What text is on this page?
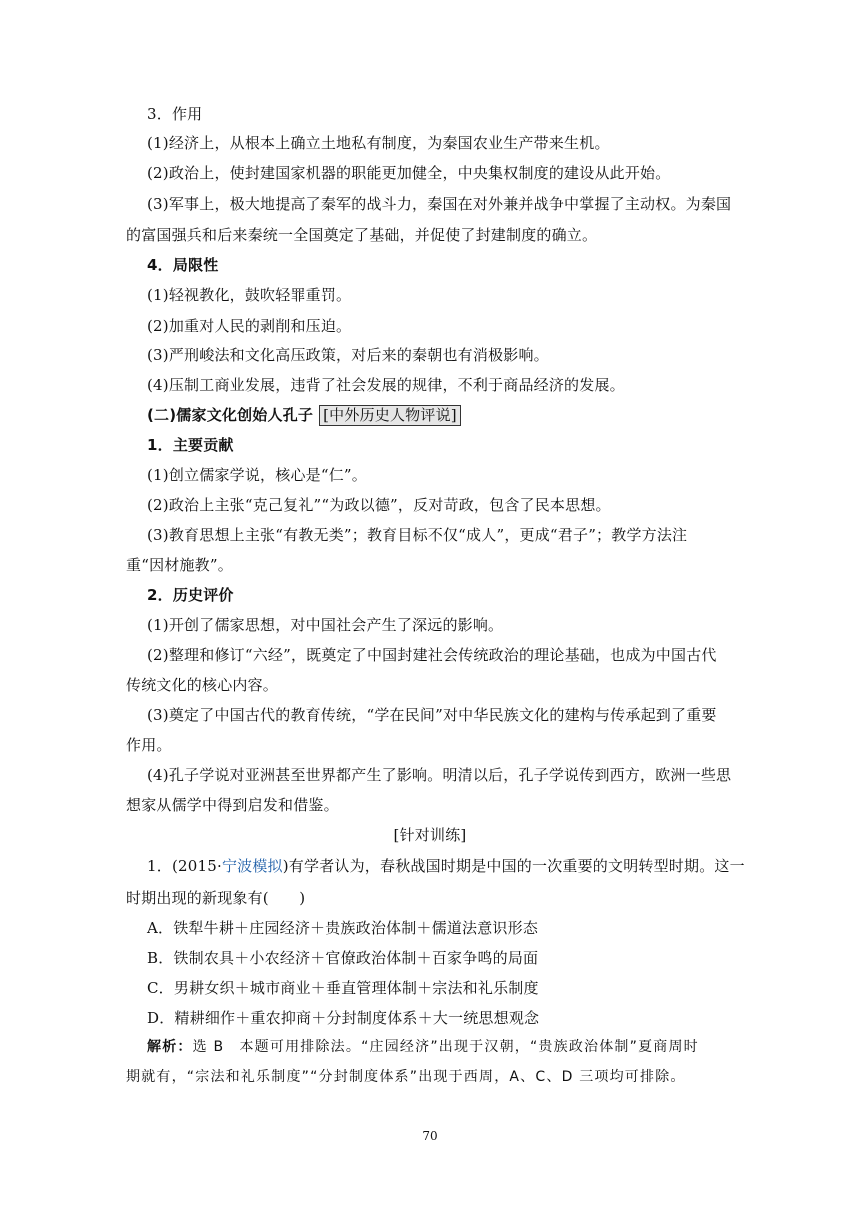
3．作用
(1)经济上，从根本上确立土地私有制度，为秦国农业生产带来生机。
(2)政治上，使封建国家机器的职能更加健全，中央集权制度的建设从此开始。
(3)军事上，极大地提高了秦军的战斗力，秦国在对外兼并战争中掌握了主动权。为秦国
的富国强兵和后来秦统一全国奠定了基础，并促使了封建制度的确立。
4．局限性
(1)轻视教化，鼓吹轻罪重罚。
(2)加重对人民的剥削和压迫。
(3)严刑峻法和文化高压政策，对后来的秦朝也有消极影响。
(4)压制工商业发展，违背了社会发展的规律，不利于商品经济的发展。
(二)儒家文化创始人孔子 [中外历史人物评说]
1．主要贡献
(1)创立儒家学说，核心是“仁”。
(2)政治上主张“克己复礼”“为政以德”，反对苛政，包含了民本思想。
(3)教育思想上主张“有教无类”；教育目标不仅“成人”，更成“君子”；教学方法注
重“因材施教”。
2．历史评价
(1)开创了儒家思想，对中国社会产生了深远的影响。
(2)整理和修订“六经”，既奠定了中国封建社会传统政治的理论基础，也成为中国古代
传统文化的核心内容。
(3)奠定了中国古代的教育传统，“学在民间”对中华民族文化的建构与传承起到了重要
作用。
(4)孔子学说对亚洲甚至世界都产生了影响。明清以后，孔子学说传到西方，欧洲一些思
想家从儒学中得到启发和借鉴。
[针对训练]
1．(2015·宁波模拟)有学者认为，春秋战国时期是中国的一次重要的文明转型时期。这一
时期出现的新现象有(　　)
A．铁犁牛耕＋庄园经济＋贵族政治体制＋儒道法意识形态
B．铁制农具＋小农经济＋官僚政治体制＋百家争鸣的局面
C．男耕女织＋城市商业＋垂直管理体制＋宗法和礼乐制度
D．精耕细作＋重农抑商＋分封制度体系＋大一统思想观念
解析：选 B　本题可用排除法。“庄园经济”出现于汉朝，“贵族政治体制”夏商周时
期就有，“宗法和礼乐制度”“分封制度体系”出现于西周，A、C、D 三项均可排除。
70
